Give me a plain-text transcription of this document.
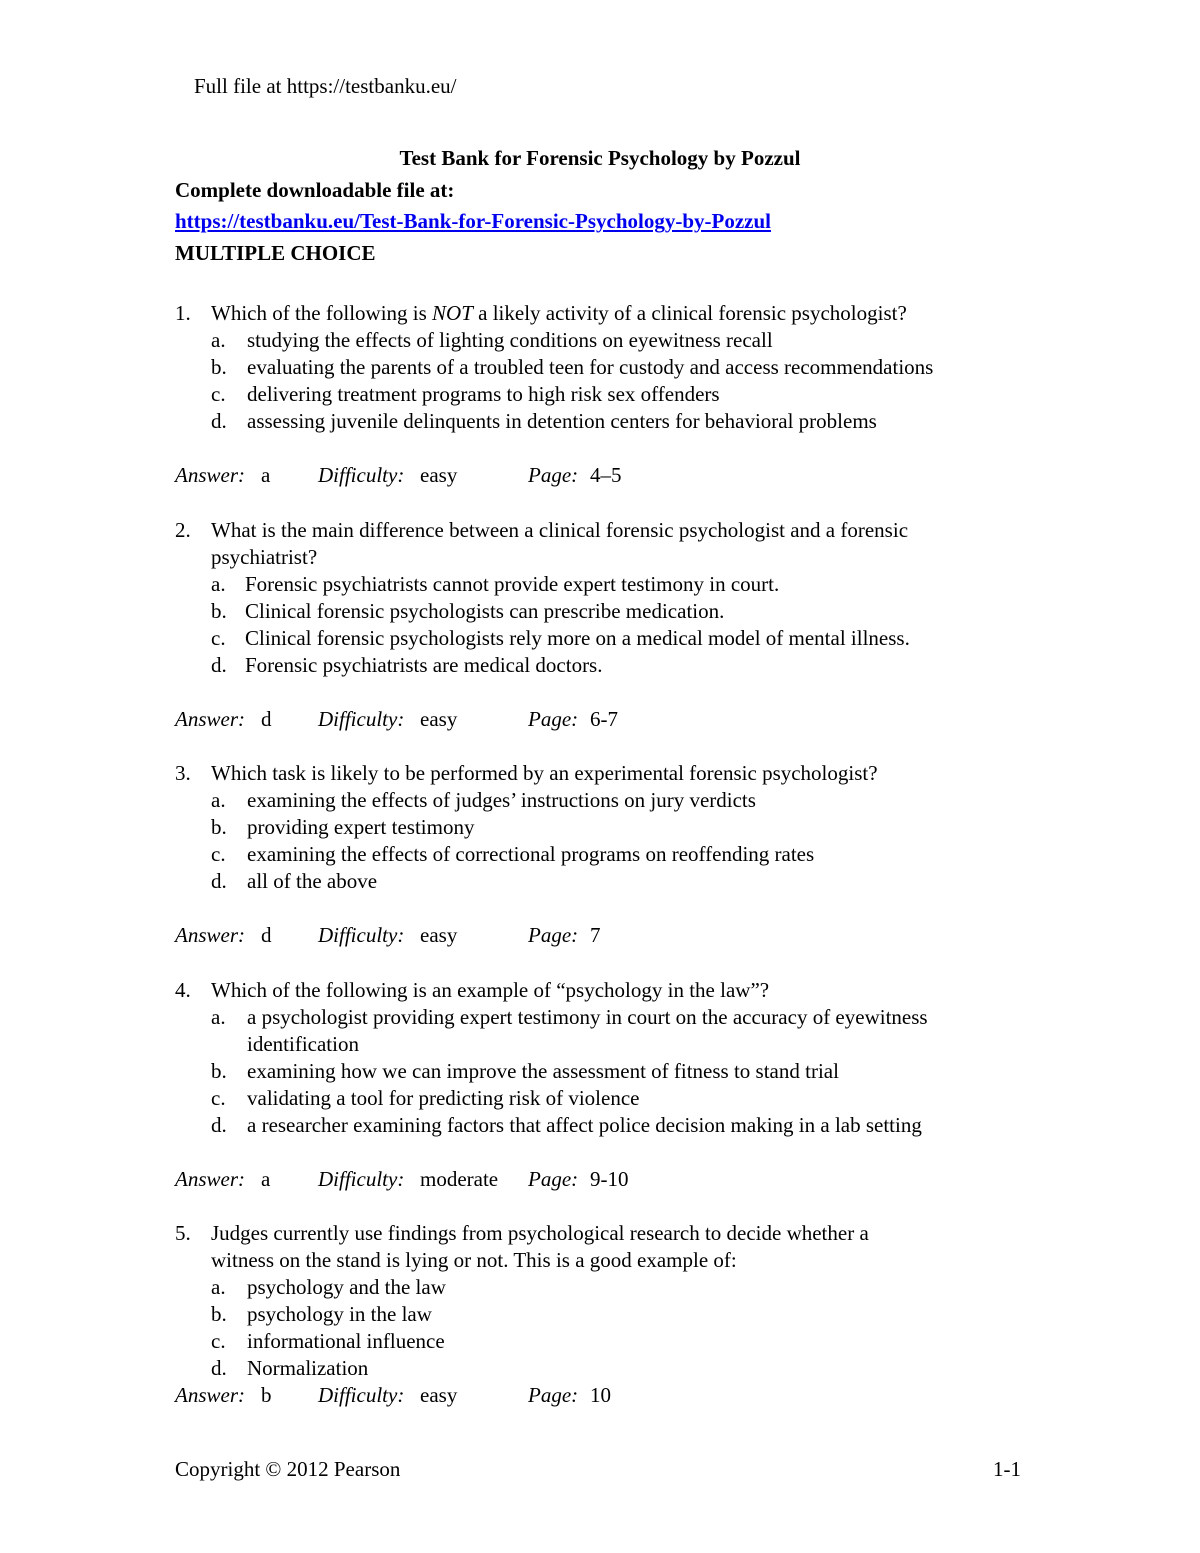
Full file at https://testbanku.eu/
Test Bank for Forensic Psychology by Pozzul
Complete downloadable file at:
https://testbanku.eu/Test-Bank-for-Forensic-Psychology-by-Pozzul
MULTIPLE CHOICE
1. Which of the following is NOT a likely activity of a clinical forensic psychologist?
a. studying the effects of lighting conditions on eyewitness recall
b. evaluating the parents of a troubled teen for custody and access recommendations
c. delivering treatment programs to high risk sex offenders
d. assessing juvenile delinquents in detention centers for behavioral problems
Answer: a Difficulty: easy	Page: 4–5
2. What is the main difference between a clinical forensic psychologist and a forensic
psychiatrist?
a. Forensic psychiatrists cannot provide expert testimony in court.
b. Clinical forensic psychologists can prescribe medication.
c. Clinical forensic psychologists rely more on a medical model of mental illness.
d. Forensic psychiatrists are medical doctors.
Answer: d Difficulty: easy	Page: 6-7
3. Which task is likely to be performed by an experimental forensic psychologist?
a. examining the effects of judges’ instructions on jury verdicts
b. providing expert testimony
c. examining the effects of correctional programs on reoffending rates
d. all of the above
Answer: d Difficulty: easy	Page: 7
4. Which of the following is an example of “psychology in the law”?
a. a psychologist providing expert testimony in court on the accuracy of eyewitness
identification
b. examining how we can improve the assessment of fitness to stand trial
c. validating a tool for predicting risk of violence
d. a researcher examining factors that affect police decision making in a lab setting
Answer: a Difficulty: moderate Page: 9-10
5. Judges currently use findings from psychological research to decide whether a
witness on the stand is lying or not. This is a good example of:
a. psychology and the law
b. psychology in the law
c. informational influence
d. Normalization
Answer: b Difficulty: easy	Page: 10
Copyright © 2012 Pearson	1-1
